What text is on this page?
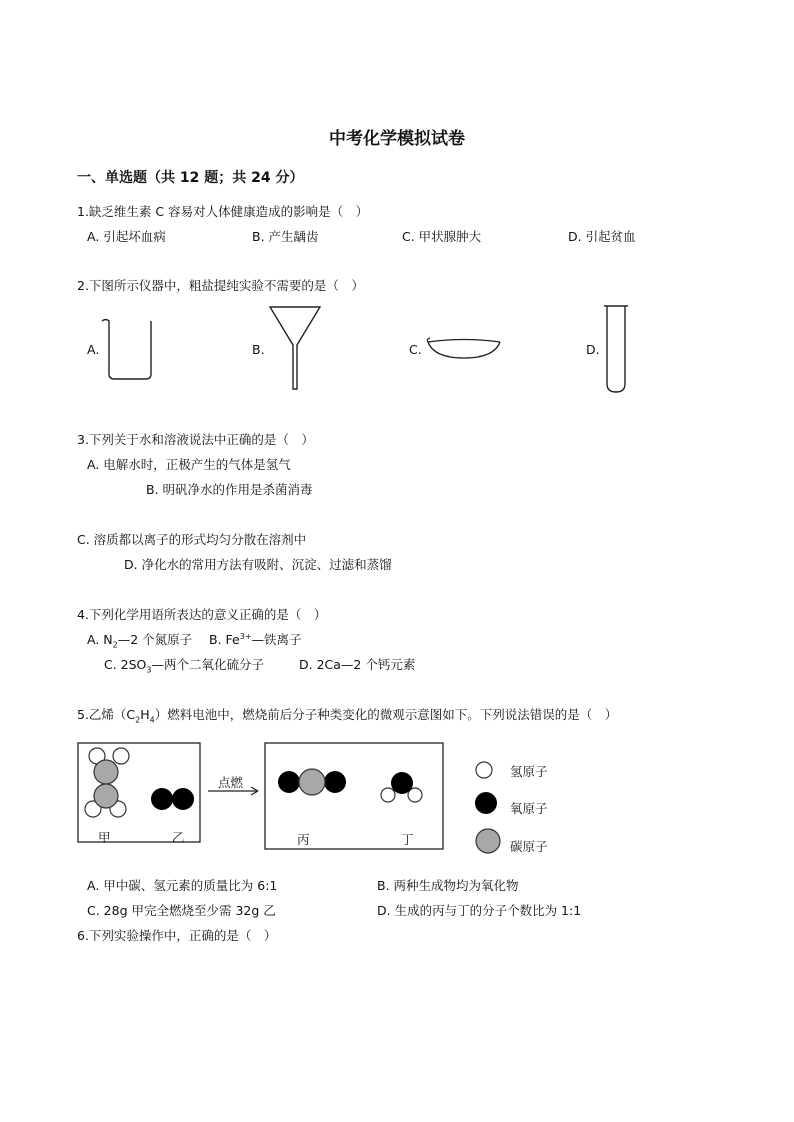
中考化学模拟试卷
一、单选题（共 12 题；共 24 分）
1.缺乏维生素 C 容易对人体健康造成的影响是（　）
A. 引起坏血病	B. 产生龋齿	C. 甲状腺肿大	D. 引起贫血
2.下图所示仪器中，粗盐提纯实验不需要的是（　）
A.	B.	C.	D.
3.下列关于水和溶液说法中正确的是（　）
A. 电解水时，正极产生的气体是氢气
B. 明矾净水的作用是杀菌消毒
C. 溶质都以离子的形式均匀分散在溶剂中
D. 净化水的常用方法有吸附、沉淀、过滤和蒸馏
4.下列化学用语所表达的意义正确的是（　）
A. $N_2—2$ 个氮原子 B. $Fe^{3+}—$铁离子
C. $2SO_3—$两个二氧化硫分子	D. 2Ca—2 个钙元素
5.乙烯$(C_2H_4)$燃料电池中，燃烧前后分子种类变化的微观示意图如下。下列说法错误的是（　）
甲	乙
点燃
丙	丁
氢原子
氧原子
碳原子
A. 甲中碳、氢元素的质量比为 6:1	B. 两种生成物均为氧化物
C. 28g 甲完全燃烧至少需 32g 乙	D. 生成的丙与丁的分子个数比为 1:1
6.下列实验操作中，正确的是（　）
